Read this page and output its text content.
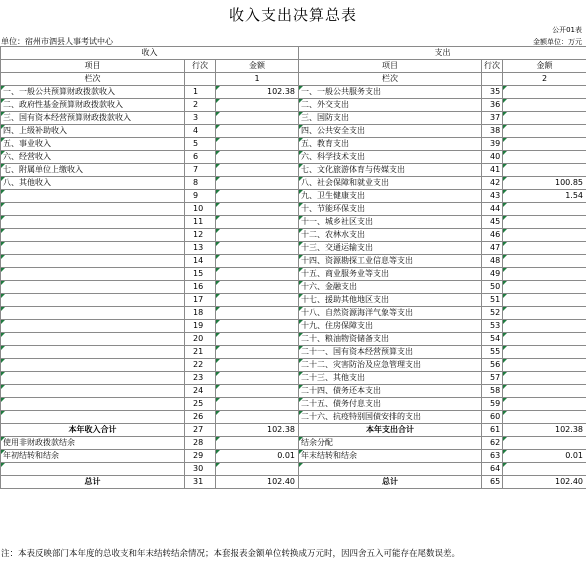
收入支出决算总表
公开01表
单位：宿州市泗县人事考试中心	金额单位：万元
收入			支出		
项目	行次	金额	项目	行次	金额
栏次		1	栏次		2
一、一般公共预算财政拨款收入	1	102.38	一、一般公共服务支出	35	
二、政府性基金预算财政拨款收入	2		二、外交支出	36	
三、国有资本经营预算财政拨款收入	3		三、国防支出	37	
四、上级补助收入	4		四、公共安全支出	38	
五、事业收入	5		五、教育支出	39	
六、经营收入	6		六、科学技术支出	40	
七、附属单位上缴收入	7		七、文化旅游体育与传媒支出	41	
八、其他收入	8		八、社会保障和就业支出	42	100.85
	9		九、卫生健康支出	43	1.54
	10		十、节能环保支出	44	
	11		十一、城乡社区支出	45	
	12		十二、农林水支出	46	
	13		十三、交通运输支出	47	
	14		十四、资源勘探工业信息等支出	48	
	15		十五、商业服务业等支出	49	
	16		十六、金融支出	50	
	17		十七、援助其他地区支出	51	
	18		十八、自然资源海洋气象等支出	52	
	19		十九、住房保障支出	53	
	20		二十、粮油物资储备支出	54	
	21		二十一、国有资本经营预算支出	55	
	22		二十二、灾害防治及应急管理支出	56	
	23		二十三、其他支出	57	
	24		二十四、债务还本支出	58	
	25		二十五、债务付息支出	59	
	26		二十六、抗疫特别国债安排的支出	60	
本年收入合计	27	102.38	本年支出合计	61	102.38
使用非财政拨款结余	28		结余分配	62	
年初结转和结余	29	0.01	年末结转和结余	63	0.01
	30			64	
总计	31	102.40	总计	65	102.40
注：本表反映部门本年度的总收支和年末结转结余情况；本套报表金额单位转换成万元时，因四舍五入可能存在尾数误差。
